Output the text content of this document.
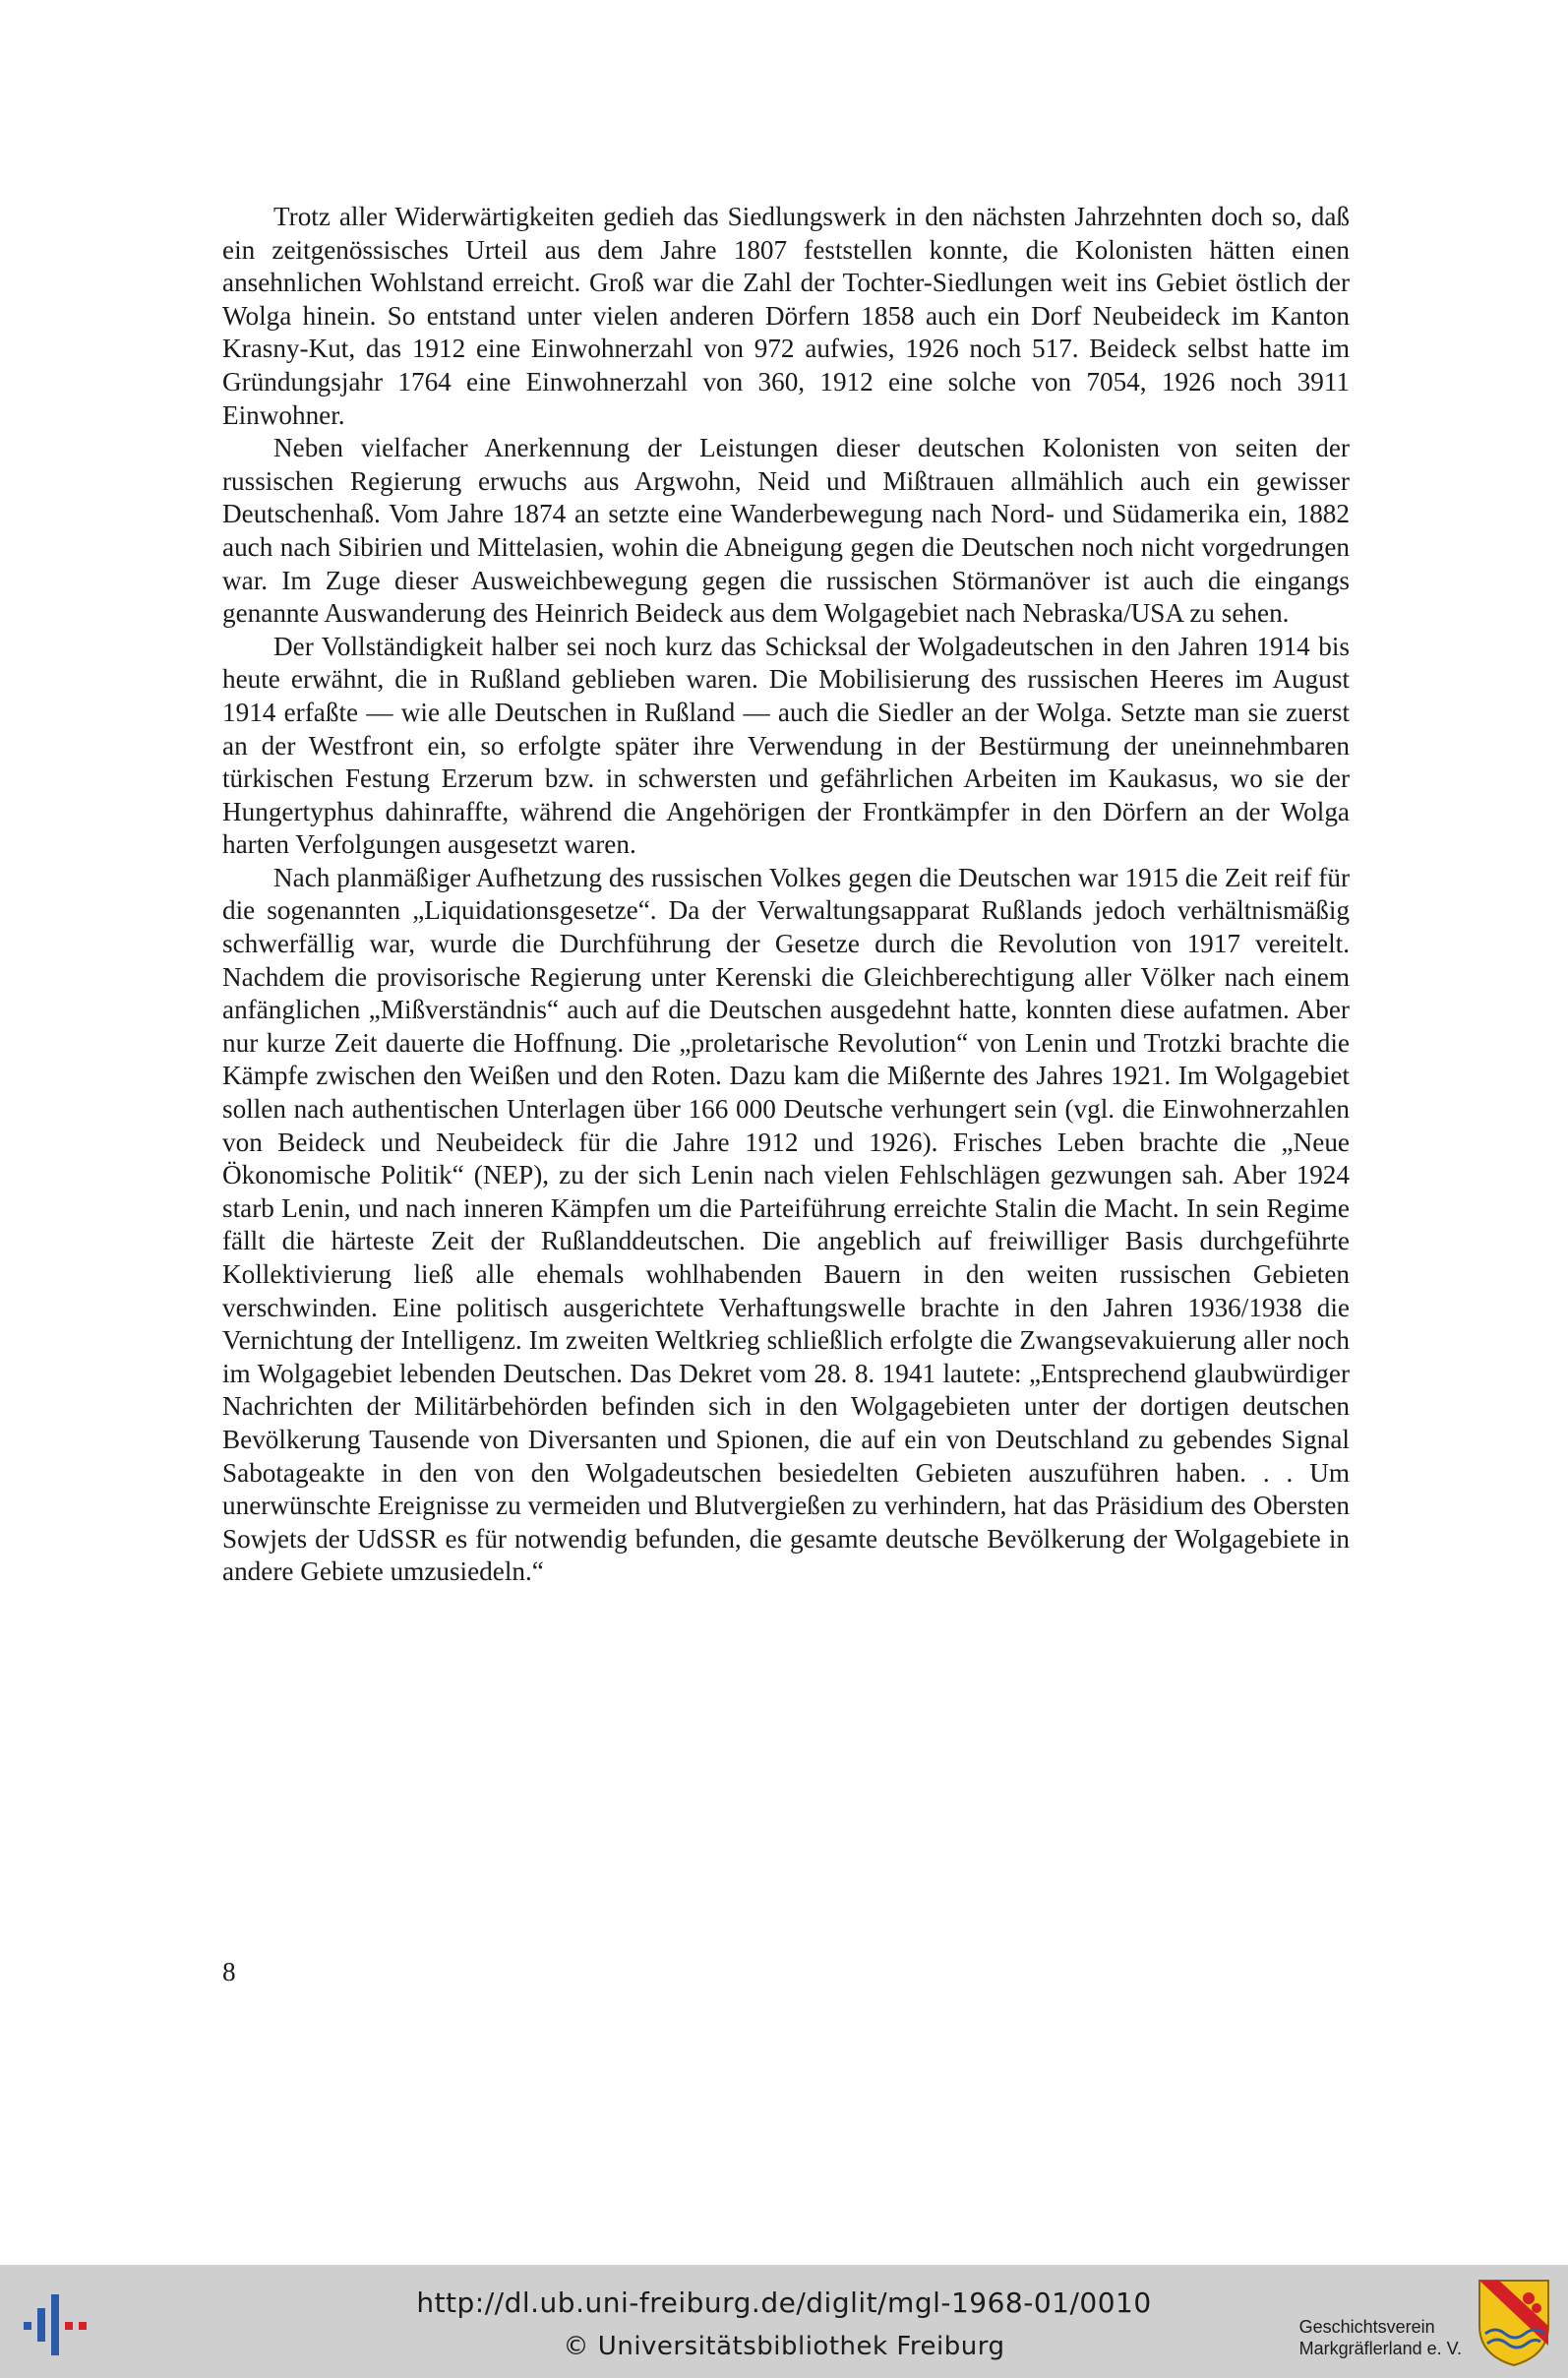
Trotz aller Widerwärtigkeiten gedieh das Siedlungswerk in den nächsten Jahrzehnten doch so, daß ein zeitgenössisches Urteil aus dem Jahre 1807 feststellen konnte, die Kolonisten hätten einen ansehnlichen Wohlstand erreicht. Groß war die Zahl der Tochter-Siedlungen weit ins Gebiet östlich der Wolga hinein. So entstand unter vielen anderen Dörfern 1858 auch ein Dorf Neubeideck im Kanton Krasny-Kut, das 1912 eine Einwohnerzahl von 972 aufwies, 1926 noch 517. Beideck selbst hatte im Gründungsjahr 1764 eine Einwohnerzahl von 360, 1912 eine solche von 7054, 1926 noch 3911 Einwohner.

Neben vielfacher Anerkennung der Leistungen dieser deutschen Kolonisten von seiten der russischen Regierung erwuchs aus Argwohn, Neid und Mißtrauen allmählich auch ein gewisser Deutschenhaß. Vom Jahre 1874 an setzte eine Wanderbewegung nach Nord- und Südamerika ein, 1882 auch nach Sibirien und Mittelasien, wohin die Abneigung gegen die Deutschen noch nicht vorgedrungen war. Im Zuge dieser Ausweichbewegung gegen die russischen Störmanöver ist auch die eingangs genannte Auswanderung des Heinrich Beideck aus dem Wolgagebiet nach Nebraska/USA zu sehen.

Der Vollständigkeit halber sei noch kurz das Schicksal der Wolgadeutschen in den Jahren 1914 bis heute erwähnt, die in Rußland geblieben waren. Die Mobilisierung des russischen Heeres im August 1914 erfaßte — wie alle Deutschen in Rußland — auch die Siedler an der Wolga. Setzte man sie zuerst an der Westfront ein, so erfolgte später ihre Verwendung in der Bestürmung der uneinnehmbaren türkischen Festung Erzerum bzw. in schwersten und gefährlichen Arbeiten im Kaukasus, wo sie der Hungertyphus dahinraffte, während die Angehörigen der Frontkämpfer in den Dörfern an der Wolga harten Verfolgungen ausgesetzt waren.

Nach planmäßiger Aufhetzung des russischen Volkes gegen die Deutschen war 1915 die Zeit reif für die sogenannten „Liquidationsgesetze“. Da der Verwaltungsapparat Rußlands jedoch verhältnismäßig schwerfällig war, wurde die Durchführung der Gesetze durch die Revolution von 1917 vereitelt. Nachdem die provisorische Regierung unter Kerenski die Gleichberechtigung aller Völker nach einem anfänglichen „Mißverständnis“ auch auf die Deutschen ausgedehnt hatte, konnten diese aufatmen. Aber nur kurze Zeit dauerte die Hoffnung. Die „proletarische Revolution“ von Lenin und Trotzki brachte die Kämpfe zwischen den Weißen und den Roten. Dazu kam die Mißernte des Jahres 1921. Im Wolgagebiet sollen nach authentischen Unterlagen über 166 000 Deutsche verhungert sein (vgl. die Einwohnerzahlen von Beideck und Neubeideck für die Jahre 1912 und 1926). Frisches Leben brachte die „Neue Ökonomische Politik“ (NEP), zu der sich Lenin nach vielen Fehlschlägen gezwungen sah. Aber 1924 starb Lenin, und nach inneren Kämpfen um die Parteiführung erreichte Stalin die Macht. In sein Regime fällt die härteste Zeit der Rußlanddeutschen. Die angeblich auf freiwilliger Basis durchgeführte Kollektivierung ließ alle ehemals wohlhabenden Bauern in den weiten russischen Gebieten verschwinden. Eine politisch ausgerichtete Verhaftungswelle brachte in den Jahren 1936/1938 die Vernichtung der Intelligenz. Im zweiten Weltkrieg schließlich erfolgte die Zwangsevakuierung aller noch im Wolgagebiet lebenden Deutschen. Das Dekret vom 28. 8. 1941 lautete: „Entsprechend glaubwürdiger Nachrichten der Militärbehörden befinden sich in den Wolgagebieten unter der dortigen deutschen Bevölkerung Tausende von Diversanten und Spionen, die auf ein von Deutschland zu gebendes Signal Sabotageakte in den von den Wolgadeutschen besiedelten Gebieten auszuführen haben. . . Um unerwünschte Ereignisse zu vermeiden und Blutvergießen zu verhindern, hat das Präsidium des Obersten Sowjets der UdSSR es für notwendig befunden, die gesamte deutsche Bevölkerung der Wolgagebiete in andere Gebiete umzusiedeln.“

8
http://dl.ub.uni-freiburg.de/diglit/mgl-1968-01/0010
© Universitätsbibliothek Freiburg
Geschichtsverein
Markgräflerland e. V.
